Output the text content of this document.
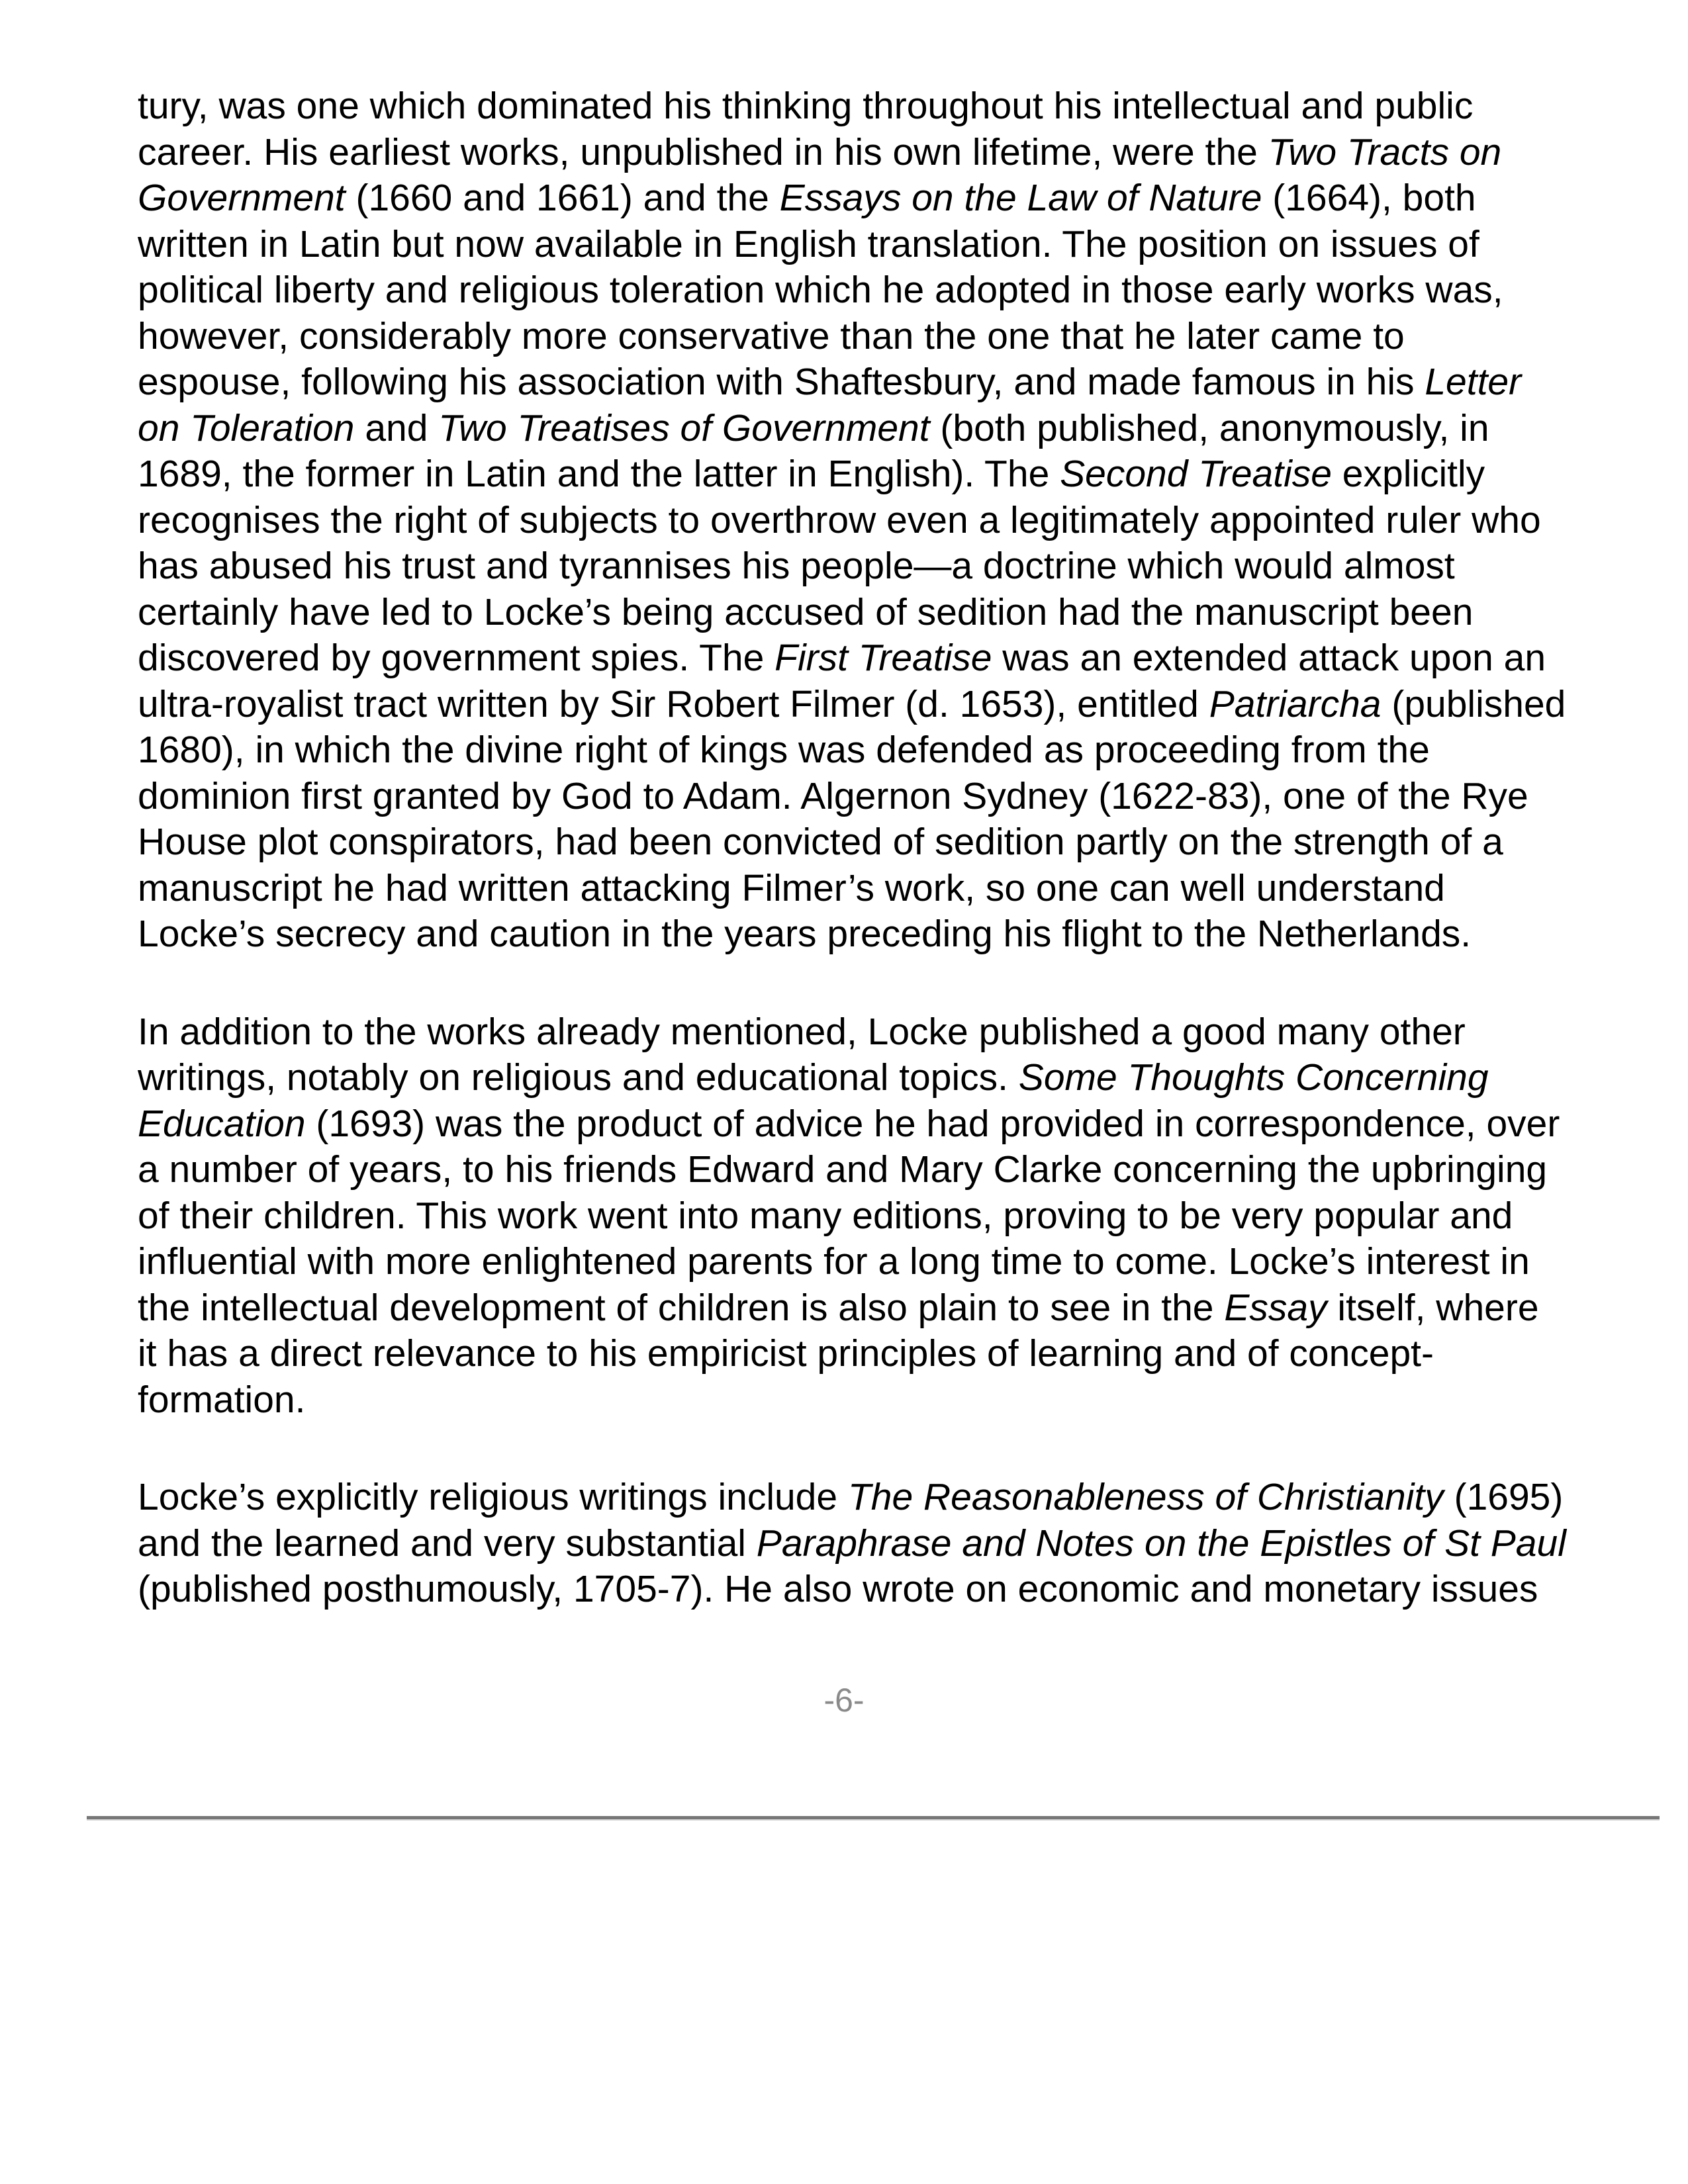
tury, was one which dominated his thinking throughout his intellectual and public
career. His earliest works, unpublished in his own lifetime, were the Two Tracts on
Government (1660 and 1661) and the Essays on the Law of Nature (1664), both
written in Latin but now available in English translation. The position on issues of
political liberty and religious toleration which he adopted in those early works was,
however, considerably more conservative than the one that he later came to
espouse, following his association with Shaftesbury, and made famous in his Letter
on Toleration and Two Treatises of Government (both published, anonymously, in
1689, the former in Latin and the latter in English). The Second Treatise explicitly
recognises the right of subjects to overthrow even a legitimately appointed ruler who
has abused his trust and tyrannises his people—a doctrine which would almost
certainly have led to Locke’s being accused of sedition had the manuscript been
discovered by government spies. The First Treatise was an extended attack upon an
ultra-royalist tract written by Sir Robert Filmer (d. 1653), entitled Patriarcha (published
1680), in which the divine right of kings was defended as proceeding from the
dominion first granted by God to Adam. Algernon Sydney (1622-83), one of the Rye
House plot conspirators, had been convicted of sedition partly on the strength of a
manuscript he had written attacking Filmer’s work, so one can well understand
Locke’s secrecy and caution in the years preceding his flight to the Netherlands.
In addition to the works already mentioned, Locke published a good many other
writings, notably on religious and educational topics. Some Thoughts Concerning
Education (1693) was the product of advice he had provided in correspondence, over
a number of years, to his friends Edward and Mary Clarke concerning the upbringing
of their children. This work went into many editions, proving to be very popular and
influential with more enlightened parents for a long time to come. Locke’s interest in
the intellectual development of children is also plain to see in the Essay itself, where
it has a direct relevance to his empiricist principles of learning and of concept-
formation.
Locke’s explicitly religious writings include The Reasonableness of Christianity (1695)
and the learned and very substantial Paraphrase and Notes on the Epistles of St Paul
(published posthumously, 1705-7). He also wrote on economic and monetary issues
-6-
